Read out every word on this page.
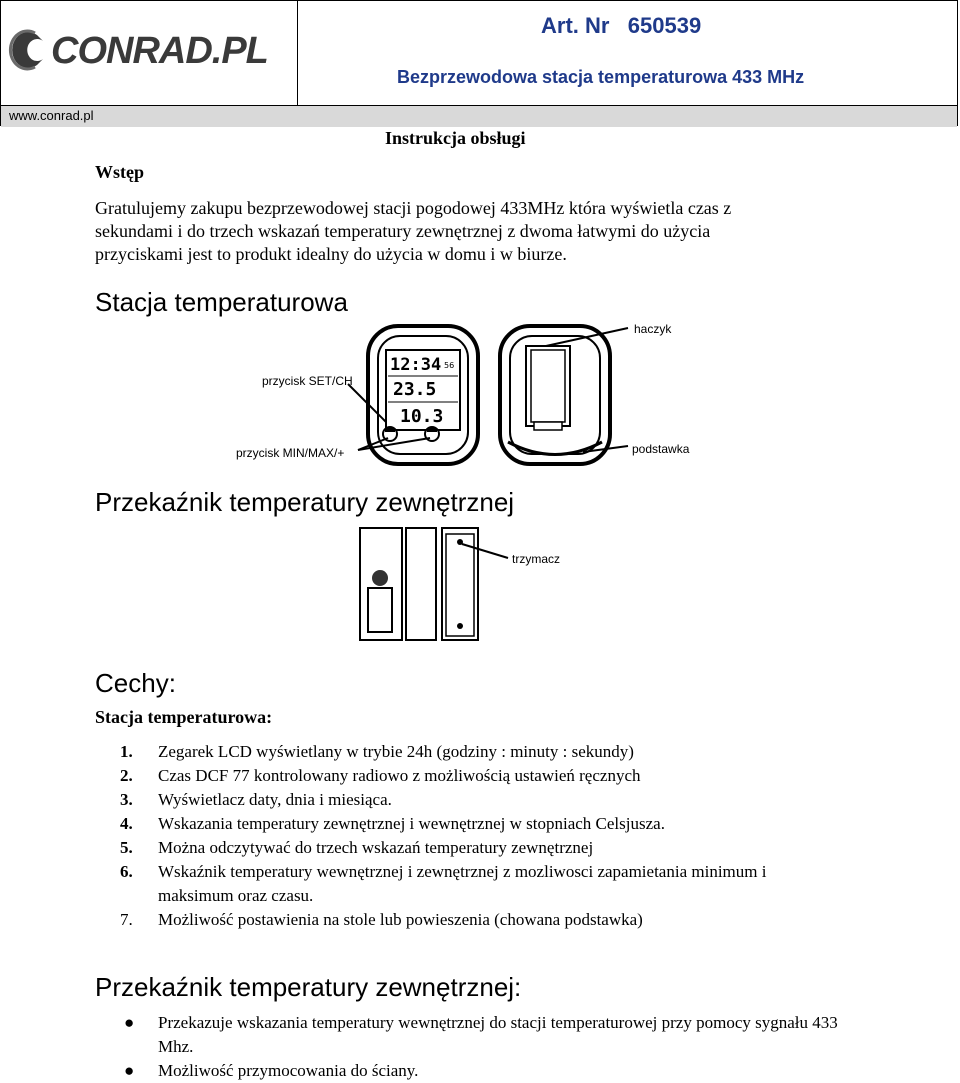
CONRAD.PL
Art. Nr   650539
Bezprzewodowa stacja temperaturowa 433 MHz
www.conrad.pl
Instrukcja obsługi
Wstęp
Gratulujemy zakupu bezprzewodowej stacji pogodowej 433MHz która wyświetla czas z
sekundami i do trzech wskazań temperatury zewnętrznej z dwoma łatwymi do użycia
przyciskami jest to produkt idealny do użycia w domu i w biurze.
Stacja temperaturowa
12:34 56
23.5
10.3
przycisk SET/CH
przycisk MIN/MAX/+
haczyk
podstawka
Przekaźnik temperatury zewnętrznej
trzymacz
Cechy:
Stacja temperaturowa:
1. Zegarek LCD wyświetlany w trybie 24h (godziny : minuty : sekundy)
2. Czas DCF 77 kontrolowany radiowo z możliwością ustawień ręcznych
3. Wyświetlacz daty, dnia i miesiąca.
4. Wskazania temperatury zewnętrznej i wewnętrznej w stopniach Celsjusza.
5. Można odczytywać do trzech wskazań temperatury zewnętrznej
6. Wskaźnik temperatury wewnętrznej i zewnętrznej z mozliwosci zapamietania minimum i maksimum oraz czasu.
7. Możliwość postawienia na stole lub powieszenia (chowana podstawka)
Przekaźnik temperatury zewnętrznej:
● Przekazuje wskazania temperatury wewnętrznej do stacji temperaturowej przy pomocy sygnału 433 Mhz.
● Możliwość przymocowania do ściany.
